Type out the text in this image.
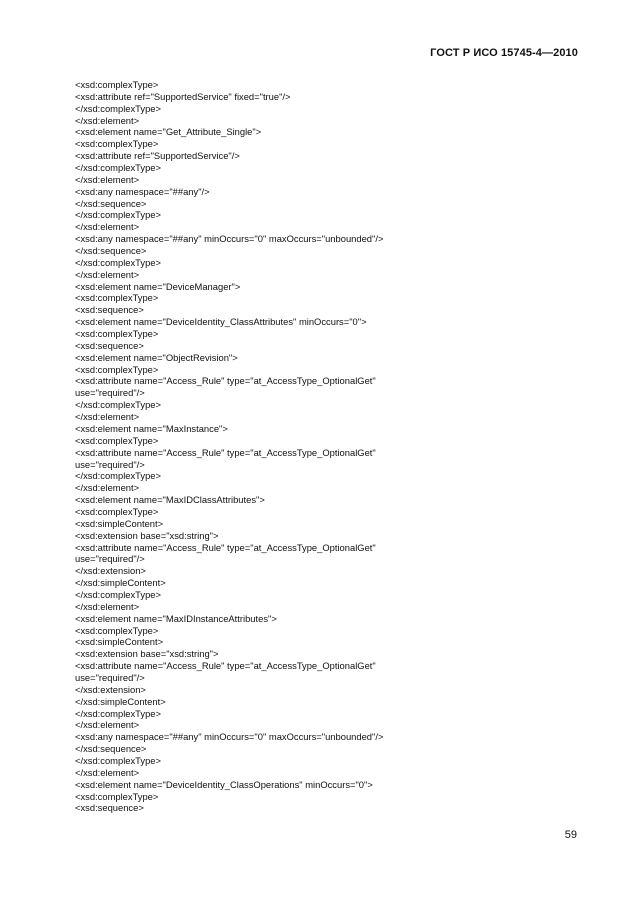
ГОСТ Р ИСО 15745-4—2010
<xsd:complexType>
<xsd:attribute ref="SupportedService" fixed="true"/>
</xsd:complexType>
</xsd:element>
<xsd:element name="Get_Attribute_Single">
<xsd:complexType>
<xsd:attribute ref="SupportedService"/>
</xsd:complexType>
</xsd:element>
<xsd:any namespace="##any"/>
</xsd:sequence>
</xsd:complexType>
</xsd:element>
<xsd:any namespace="##any" minOccurs="0" maxOccurs="unbounded"/>
</xsd:sequence>
</xsd:complexType>
</xsd:element>
<xsd:element name="DeviceManager">
<xsd:complexType>
<xsd:sequence>
<xsd:element name="DeviceIdentity_ClassAttributes" minOccurs="0">
<xsd:complexType>
<xsd:sequence>
<xsd:element name="ObjectRevision">
<xsd:complexType>
<xsd:attribute name="Access_Rule" type="at_AccessType_OptionalGet"
use="required"/>
</xsd:complexType>
</xsd:element>
<xsd:element name="MaxInstance">
<xsd:complexType>
<xsd:attribute name="Access_Rule" type="at_AccessType_OptionalGet"
use="required"/>
</xsd:complexType>
</xsd:element>
<xsd:element name="MaxIDClassAttributes">
<xsd:complexType>
<xsd:simpleContent>
<xsd:extension base="xsd:string">
<xsd:attribute name="Access_Rule" type="at_AccessType_OptionalGet"
use="required"/>
</xsd:extension>
</xsd:simpleContent>
</xsd:complexType>
</xsd:element>
<xsd:element name="MaxIDInstanceAttributes">
<xsd:complexType>
<xsd:simpleContent>
<xsd:extension base="xsd:string">
<xsd:attribute name="Access_Rule" type="at_AccessType_OptionalGet"
use="required"/>
</xsd:extension>
</xsd:simpleContent>
</xsd:complexType>
</xsd:element>
<xsd:any namespace="##any" minOccurs="0" maxOccurs="unbounded"/>
</xsd:sequence>
</xsd:complexType>
</xsd:element>
<xsd:element name="DeviceIdentity_ClassOperations" minOccurs="0">
<xsd:complexType>
<xsd:sequence>
59
